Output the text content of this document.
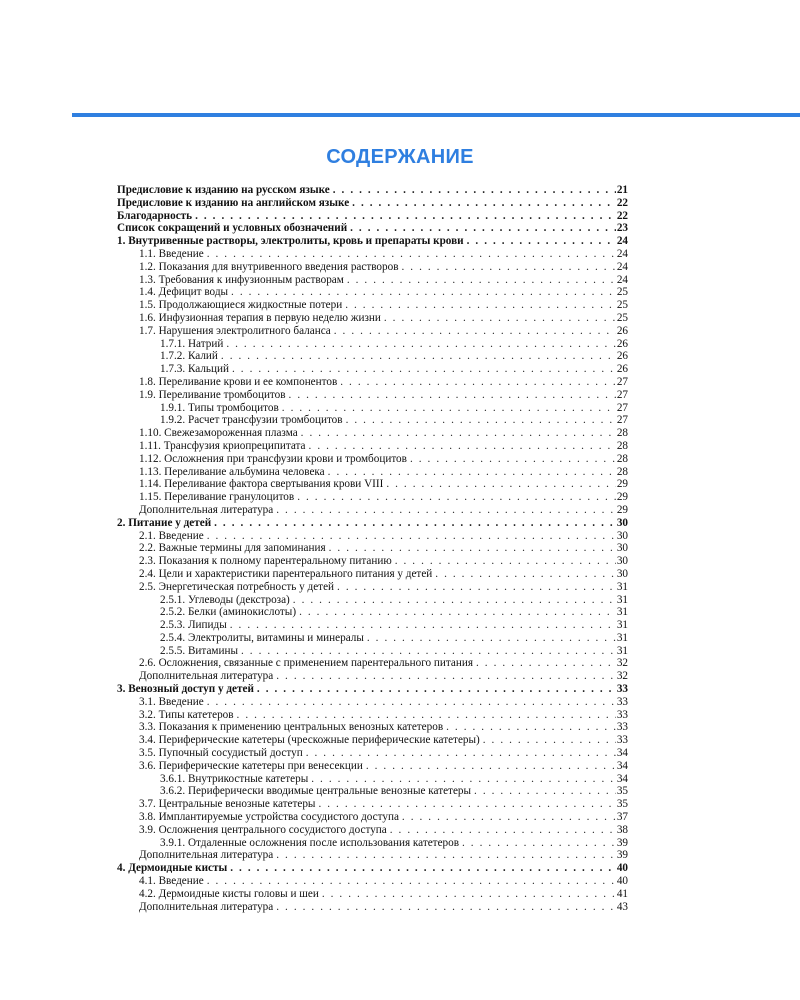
СОДЕРЖАНИЕ
Предисловие к изданию на русском языке . . .	21
Предисловие к изданию на английском языке . . .	22
Благодарность . . .	22
Список сокращений и условных обозначений . . .	23
1. Внутривенные растворы, электролиты, кровь и препараты крови . . .	24
1.1. Введение . . .	24
1.2. Показания для внутривенного введения растворов . . .	24
1.3. Требования к инфузионным растворам . . .	24
1.4. Дефицит воды . . .	25
1.5. Продолжающиеся жидкостные потери . . .	25
1.6. Инфузионная терапия в первую неделю жизни . . .	25
1.7. Нарушения электролитного баланса . . .	26
1.7.1. Натрий . . .	26
1.7.2. Калий . . .	26
1.7.3. Кальций . . .	26
1.8. Переливание крови и ее компонентов . . .	27
1.9. Переливание тромбоцитов . . .	27
1.9.1. Типы тромбоцитов . . .	27
1.9.2. Расчет трансфузии тромбоцитов . . .	27
1.10. Свежезамороженная плазма . . .	28
1.11. Трансфузия криопреципитата . . .	28
1.12. Осложнения при трансфузии крови и тромбоцитов . . .	28
1.13. Переливание альбумина человека . . .	28
1.14. Переливание фактора свертывания крови VIII . . .	29
1.15. Переливание гранулоцитов . . .	29
Дополнительная литература . . .	29
2. Питание у детей . . .	30
2.1. Введение . . .	30
2.2. Важные термины для запоминания . . .	30
2.3. Показания к полному парентеральному питанию . . .	30
2.4. Цели и характеристики парентерального питания у детей . . .	30
2.5. Энергетическая потребность у детей . . .	31
2.5.1. Углеводы (декстроза) . . .	31
2.5.2. Белки (аминокислоты) . . .	31
2.5.3. Липиды . . .	31
2.5.4. Электролиты, витамины и минералы . . .	31
2.5.5. Витамины . . .	31
2.6. Осложнения, связанные с применением парентерального питания . . .	32
Дополнительная литература . . .	32
3. Венозный доступ у детей . . .	33
3.1. Введение . . .	33
3.2. Типы катетеров . . .	33
3.3. Показания к применению центральных венозных катетеров . . .	33
3.4. Периферические катетеры (чрескожные периферические катетеры) . . .	33
3.5. Пупочный сосудистый доступ . . .	34
3.6. Периферические катетеры при венесекции . . .	34
3.6.1. Внутрикостные катетеры . . .	34
3.6.2. Периферически вводимые центральные венозные катетеры . . .	35
3.7. Центральные венозные катетеры . . .	35
3.8. Имплантируемые устройства сосудистого доступа . . .	37
3.9. Осложнения центрального сосудистого доступа . . .	38
3.9.1. Отдаленные осложнения после использования катетеров . . .	39
Дополнительная литература . . .	39
4. Дермоидные кисты . . .	40
4.1. Введение . . .	40
4.2. Дермоидные кисты головы и шеи . . .	41
Дополнительная литература . . .	43
